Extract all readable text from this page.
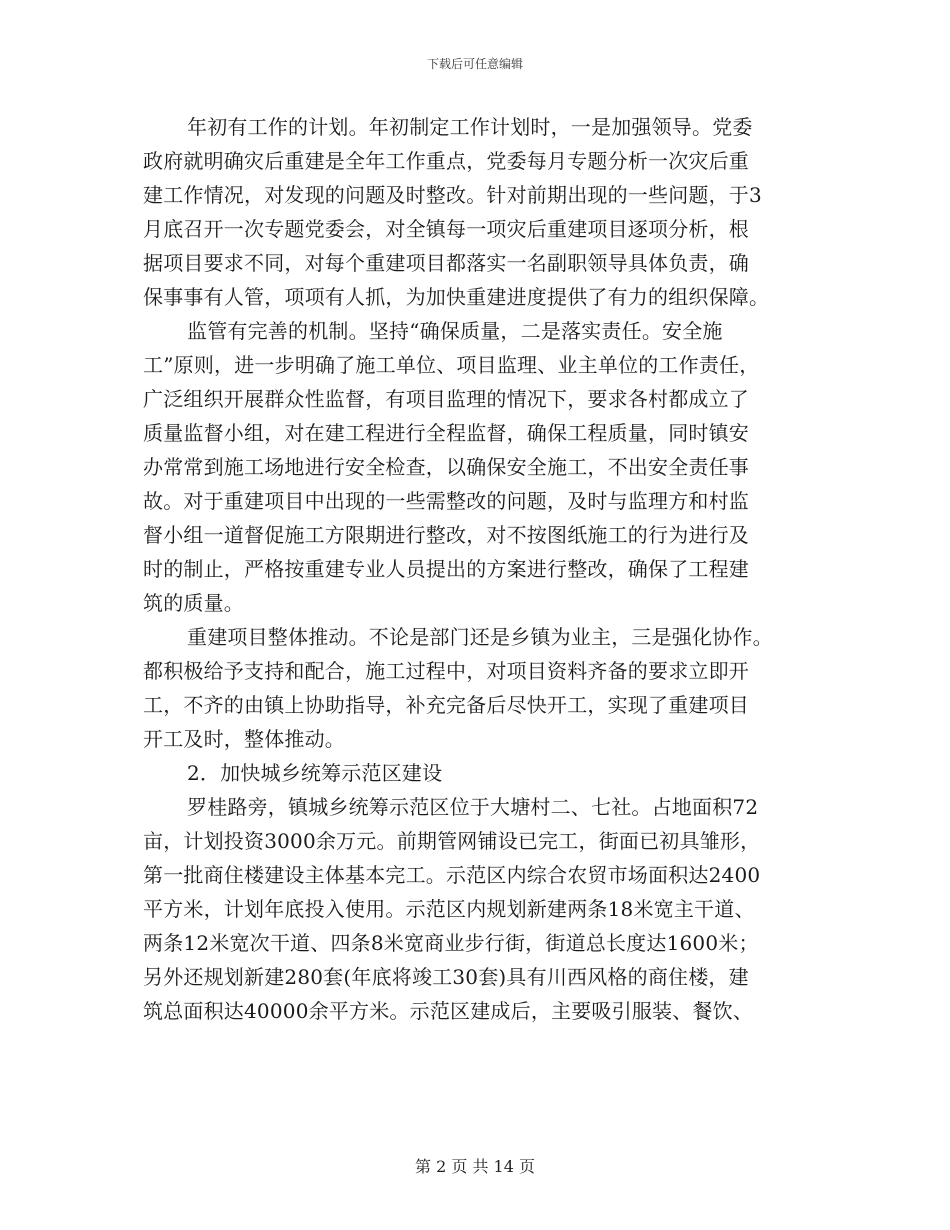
下载后可任意编辑
年初有工作的计划。年初制定工作计划时，一是加强领导。党委
政府就明确灾后重建是全年工作重点，党委每月专题分析一次灾后重
建工作情况，对发现的问题及时整改。针对前期出现的一些问题，于3
月底召开一次专题党委会，对全镇每一项灾后重建项目逐项分析，根
据项目要求不同，对每个重建项目都落实一名副职领导具体负责，确
保事事有人管，项项有人抓，为加快重建进度提供了有力的组织保障。
监管有完善的机制。坚持“确保质量，二是落实责任。安全施
工”原则，进一步明确了施工单位、项目监理、业主单位的工作责任，
广泛组织开展群众性监督，有项目监理的情况下，要求各村都成立了
质量监督小组，对在建工程进行全程监督，确保工程质量，同时镇安
办常常到施工场地进行安全检查，以确保安全施工，不出安全责任事
故。对于重建项目中出现的一些需整改的问题，及时与监理方和村监
督小组一道督促施工方限期进行整改，对不按图纸施工的行为进行及
时的制止，严格按重建专业人员提出的方案进行整改，确保了工程建
筑的质量。
重建项目整体推动。不论是部门还是乡镇为业主，三是强化协作。
都积极给予支持和配合，施工过程中，对项目资料齐备的要求立即开
工，不齐的由镇上协助指导，补充完备后尽快开工，实现了重建项目
开工及时，整体推动。
2．加快城乡统筹示范区建设
罗桂路旁，镇城乡统筹示范区位于大塘村二、七社。占地面积72
亩，计划投资3000余万元。前期管网铺设已完工，街面已初具雏形，
第一批商住楼建设主体基本完工。示范区内综合农贸市场面积达2400
平方米，计划年底投入使用。示范区内规划新建两条18米宽主干道、
两条12米宽次干道、四条8米宽商业步行街，街道总长度达1600米；
另外还规划新建280套(年底将竣工30套)具有川西风格的商住楼，建
筑总面积达40000余平方米。示范区建成后，主要吸引服装、餐饮、
第 2 页 共 14 页
